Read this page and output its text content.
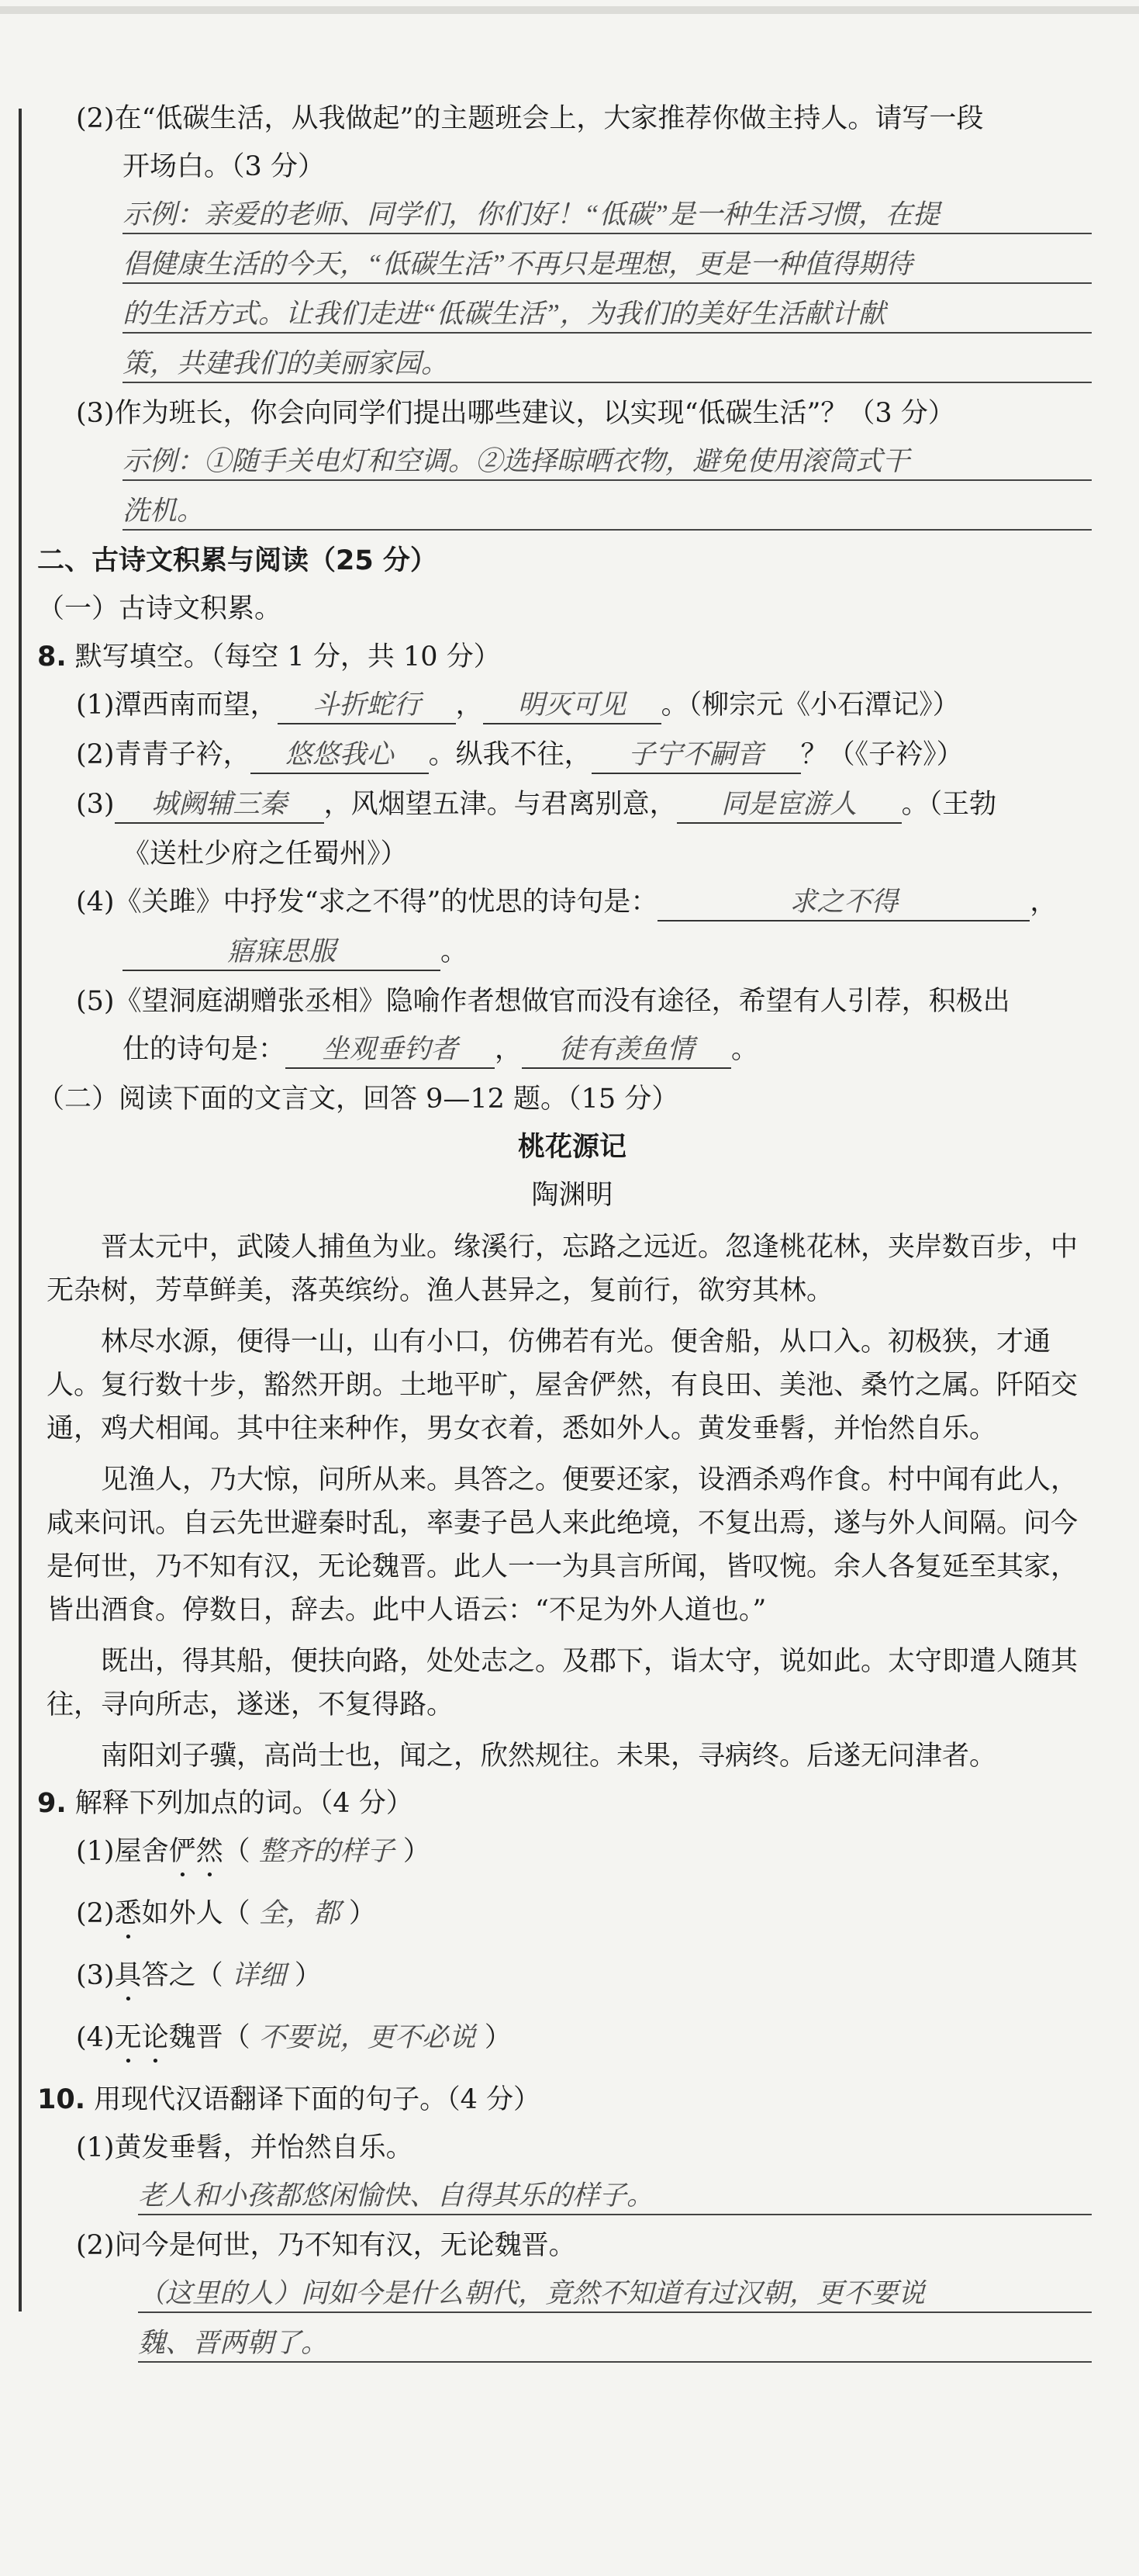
(2)在“低碳生活，从我做起”的主题班会上，大家推荐你做主持人。请写一段
开场白。（3 分）
示例：亲爱的老师、同学们，你们好！“低碳”是一种生活习惯，在提
倡健康生活的今天，“低碳生活”不再只是理想，更是一种值得期待
的生活方式。让我们走进“低碳生活”，为我们的美好生活献计献
策，共建我们的美丽家园。
(3)作为班长，你会向同学们提出哪些建议，以实现“低碳生活”？（3 分）
示例：①随手关电灯和空调。②选择晾晒衣物，避免使用滚筒式干
洗机。
二、古诗文积累与阅读（25 分）
（一）古诗文积累。
8. 默写填空。（每空 1 分，共 10 分）
(1)潭西南而望， 斗折蛇行 ， 明灭可见 。（柳宗元《小石潭记》）
(2)青青子衿， 悠悠我心 。纵我不往， 子宁不嗣音 ？（《子衿》）
(3) 城阙辅三秦 ，风烟望五津。与君离别意， 同是宦游人 。（王勃
《送杜少府之任蜀州》）
(4)《关雎》中抒发“求之不得”的忧思的诗句是：	求之不得	，
寤寐思服	。
(5)《望洞庭湖赠张丞相》隐喻作者想做官而没有途径，希望有人引荐，积极出
仕的诗句是： 坐观垂钓者 ， 徒有羡鱼情 。
（二）阅读下面的文言文，回答 9—12 题。（15 分）
桃花源记
陶渊明
晋太元中，武陵人捕鱼为业。缘溪行，忘路之远近。忽逢桃花林，夹岸数百步，中无杂树，芳草鲜美，落英缤纷。渔人甚异之，复前行，欲穷其林。
林尽水源，便得一山，山有小口，仿佛若有光。便舍船，从口入。初极狭，才通人。复行数十步，豁然开朗。土地平旷，屋舍俨然，有良田、美池、桑竹之属。阡陌交通，鸡犬相闻。其中往来种作，男女衣着，悉如外人。黄发垂髫，并怡然自乐。
见渔人，乃大惊，问所从来。具答之。便要还家，设酒杀鸡作食。村中闻有此人，咸来问讯。自云先世避秦时乱，率妻子邑人来此绝境，不复出焉，遂与外人间隔。问今是何世，乃不知有汉，无论魏晋。此人一一为具言所闻，皆叹惋。余人各复延至其家，皆出酒食。停数日，辞去。此中人语云：“不足为外人道也。”
既出，得其船，便扶向路，处处志之。及郡下，诣太守，说如此。太守即遣人随其往，寻向所志，遂迷，不复得路。
南阳刘子骥，高尚士也，闻之，欣然规往。未果，寻病终。后遂无问津者。
9. 解释下列加点的词。（4 分）
(1)屋舍俨然（ 整齐的样子 ）
(2)悉如外人（ 全，都 ）
(3)具答之（ 详细 ）
(4)无论魏晋（ 不要说，更不必说 ）
10. 用现代汉语翻译下面的句子。（4 分）
(1)黄发垂髫，并怡然自乐。
老人和小孩都悠闲愉快、自得其乐的样子。
(2)问今是何世，乃不知有汉，无论魏晋。
（这里的人）问如今是什么朝代，竟然不知道有过汉朝，更不要说
魏、晋两朝了。
